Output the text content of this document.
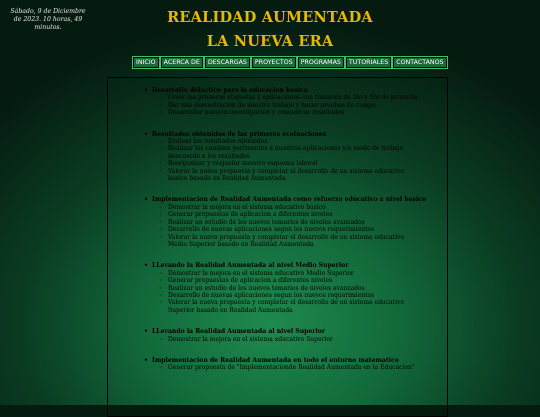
Sábado, 9 de Diciembre de 2023. 10 horas, 49 minutos.
REALIDAD AUMENTADA
LA NUEVA ERA
INICIO	ACERCA DE	DESCARGAS	PROYECTOS	PROGRAMAS	TUTORIALES	CONTACTANOS
• Desarrollo didactico para la educacion basica
◦ Crear las primeras etiquetas y aplicaciones con temarios de 5to y 6to de primaria
◦ Dar una demostracion de nuestro trabajo y hacer pruebas de campo
◦ Desarrollar nuestra investigacion y concentrar resultados
• Resultados obtenidos de las primeras evaluaciones
◦ Evaluar los resultados obtenidos
◦ Realizar los cambios pertinentes a nuestras aplicaciones y/o modo de trabajo deacuerdo a los resultados
◦ Reorganizar y reajustar nuestro esquema laboral
◦ Valorar la nueva propuesta y completar el desarrollo de un sistema educativo basico basado en Realidad Aumentada
• Implementacion de Realidad Aumentada como refuerzo educativo a nivel basico
◦ Demostrar la mejora en el sistema educativo basico
◦ Generar propuestas de aplicacion a diferentes niveles
◦ Realizar un estudio de los nuevos temarios de niveles avanzados
◦ Desarrollo de nuevas aplicaciones segun los nuevos requerimientos
◦ Valorar la nueva propuesta y completar el desarrollo de un sistema educativo Medio Superior basado en Realidad Aumentada
• LLevando la Realidad Aumentada al nivel Medio Superior
◦ Demostrar la mejora en el sistema educativo Medio Superior
◦ Generar propuestas de aplicacion a diferentes niveles
◦ Realizar un estudio de los nuevos temarios de niveles avanzados
◦ Desarrollo de nuevas aplicaciones segun los nuevos requerimientos
◦ Valorar la nueva propuesta y completar el desarrollo de un sistema educativo Superior basado en Realidad Aumentada
• LLevando la Realidad Aumentada al nivel Superior
◦ Demostrar la mejora en el sistema educativo Superior
• Implementacion de Realidad Aumentada en todo el entorno matematico
◦ Generar propuesta de "Implementacionde Realidad Aumentada en la Educacion"
